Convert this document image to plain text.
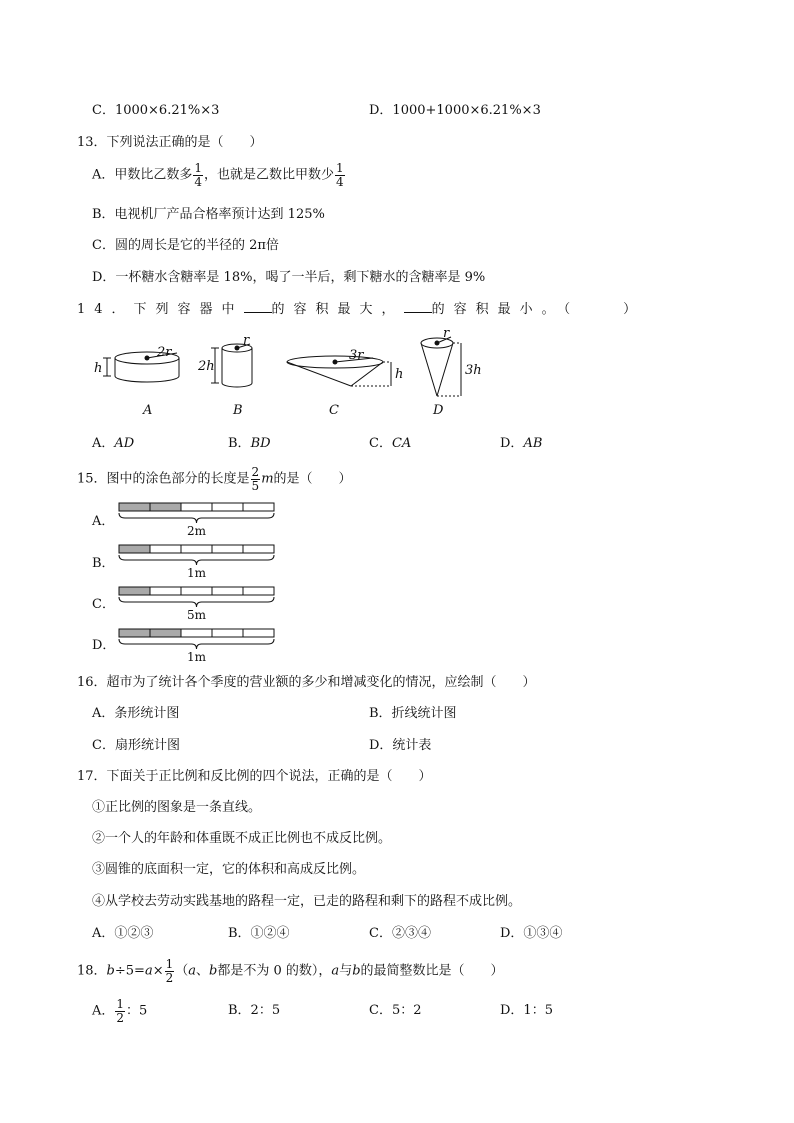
C．1000×6.21%×3	D．1000+1000×6.21%×3
13．下列说法正确的是（　　）
A．甲数比乙数多 $\frac{1}{4}$ ，也就是乙数比甲数少 $\frac{1}{4}$
B．电视机厂产品合格率预计达到 125%
C．圆的周长是它的半径的 2π倍
D．一杯糖水含糖率是 18%，喝了一半后，剩下糖水的含糖率是 9%
14．下列容器中 的容积最大， 的容积最小。（　　）
h
2r
A
2h
r
B
h
3r
C
3h
r
D
A．AD	B．BD	C．CA	D．AB
15．图中的涂色部分的长度是 $\frac{2}{5}$ m的是（　　）
A．
B．
C．
D．
2m
1m
5m
1m
16．超市为了统计各个季度的营业额的多少和增减变化的情况，应绘制（　　）
A．条形统计图	B．折线统计图
C．扇形统计图	D．统计表
17．下面关于正比例和反比例的四个说法，正确的是（　　）
①正比例的图象是一条直线。
②一个人的年龄和体重既不成正比例也不成反比例。
③圆锥的底面积一定，它的体积和高成反比例。
④从学校去劳动实践基地的路程一定，已走的路程和剩下的路程不成比例。
A．①②③	B．①②④	C．②③④	D．①③④
18．$b\div 5=a\times \frac{1}{2} (a$、b都是不为 0 的数），a与b的最简整数比是（　　）
A． $\frac{1}{2}$ ：5	B．2：5	C．5：2	D．1：5
